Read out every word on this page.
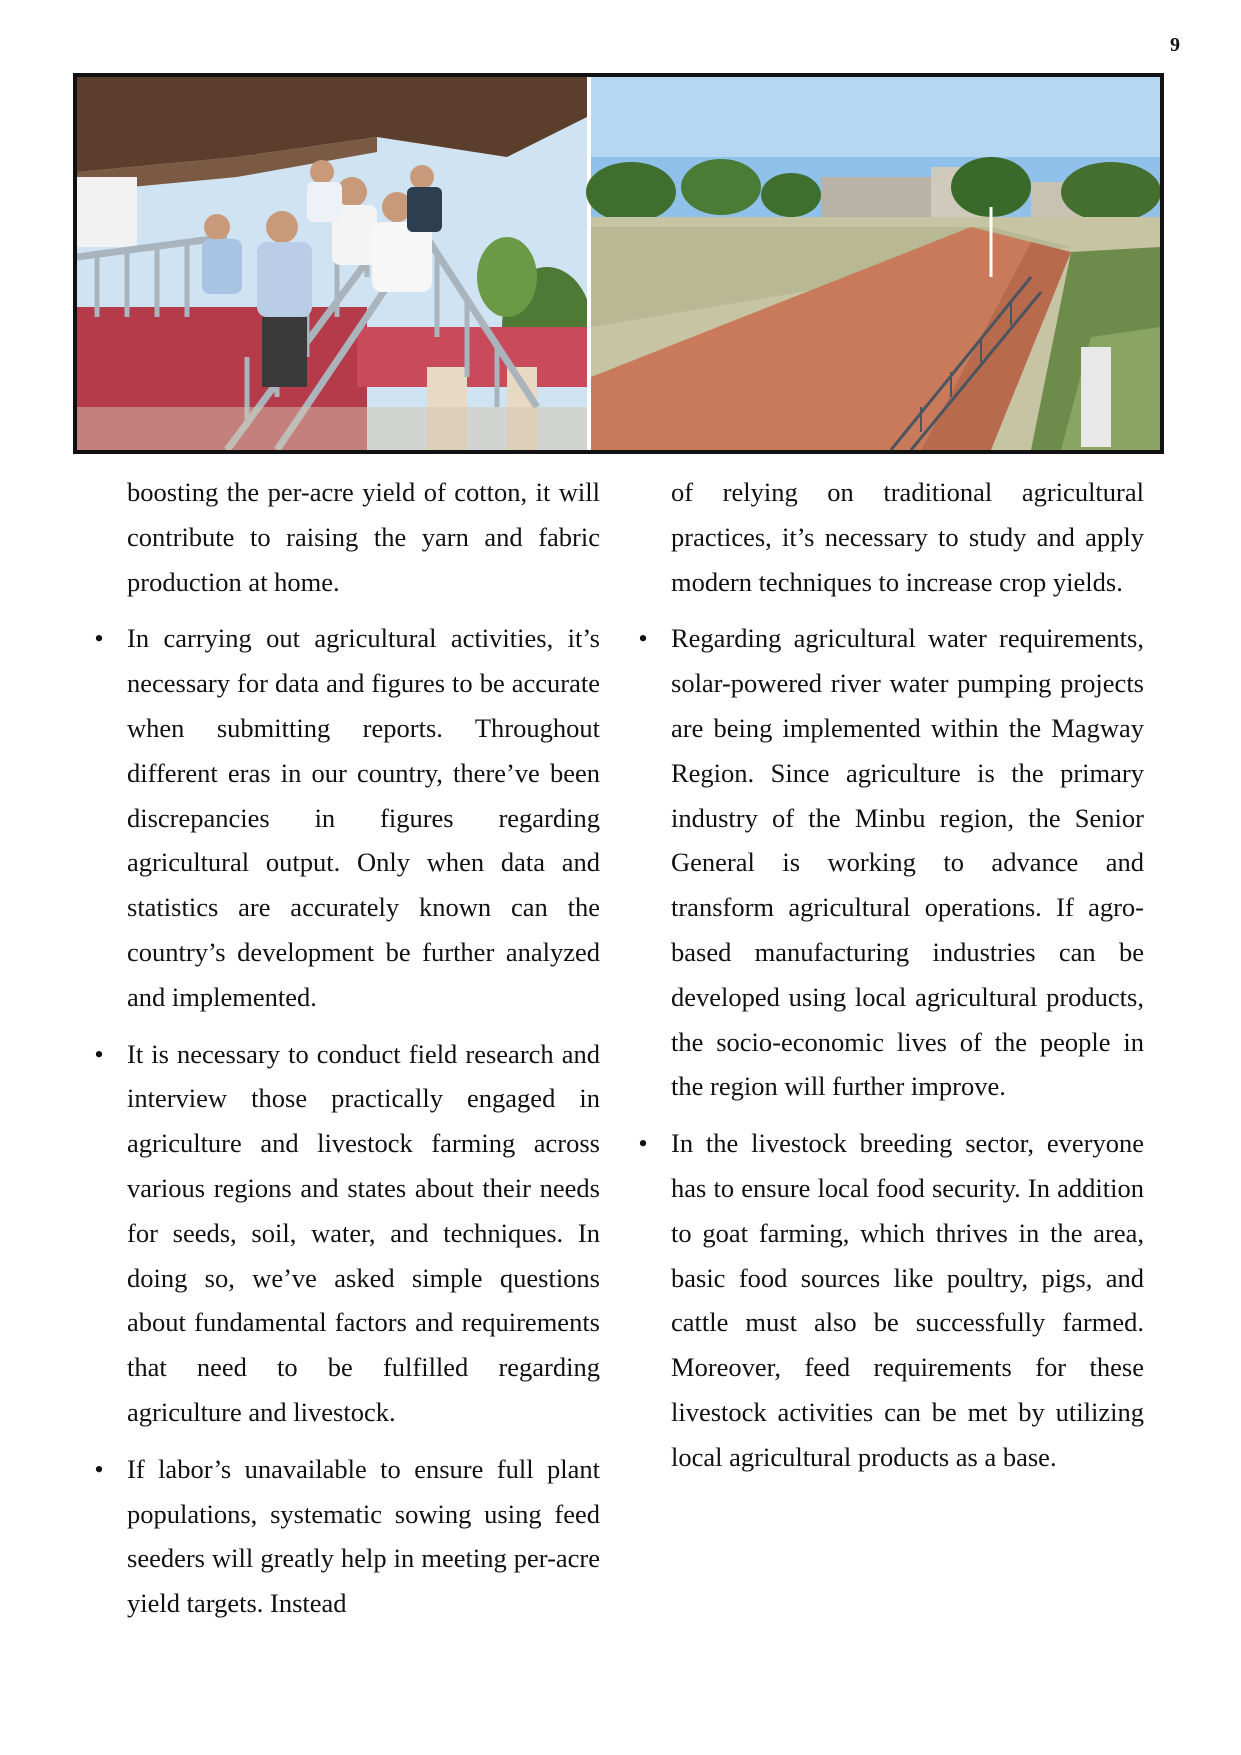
9

boosting the per-acre yield of cotton, it will contribute to raising the yarn and fabric production at home.

•
In carrying out agricultural activities, it’s necessary for data and figures to be accurate when submitting reports. Throughout different eras in our country, there’ve been discrepancies in figures regarding agricultural output. Only when data and statistics are accurately known can the country’s development be further analyzed and implemented.

•
It is necessary to conduct field research and interview those practically engaged in agriculture and livestock farming across various regions and states about their needs for seeds, soil, water, and techniques. In doing so, we’ve asked simple questions about fundamental factors and requirements that need to be fulfilled regarding agriculture and livestock.

•
If labor’s unavailable to ensure full plant populations, systematic sowing using feed seeders will greatly help in meeting per-acre yield targets. Instead

of relying on traditional agricultural practices, it’s necessary to study and apply modern techniques to increase crop yields.

•
Regarding agricultural water requirements, solar-powered river water pumping projects are being implemented within the Magway Region. Since agriculture is the primary industry of the Minbu region, the Senior General is working to advance and transform agricultural operations. If agro-based manufacturing industries can be developed using local agricultural products, the socio-economic lives of the people in the region will further improve.

•
In the livestock breeding sector, everyone has to ensure local food security. In addition to goat farming, which thrives in the area, basic food sources like poultry, pigs, and cattle must also be successfully farmed. Moreover, feed requirements for these livestock activities can be met by utilizing local agricultural products as a base.
